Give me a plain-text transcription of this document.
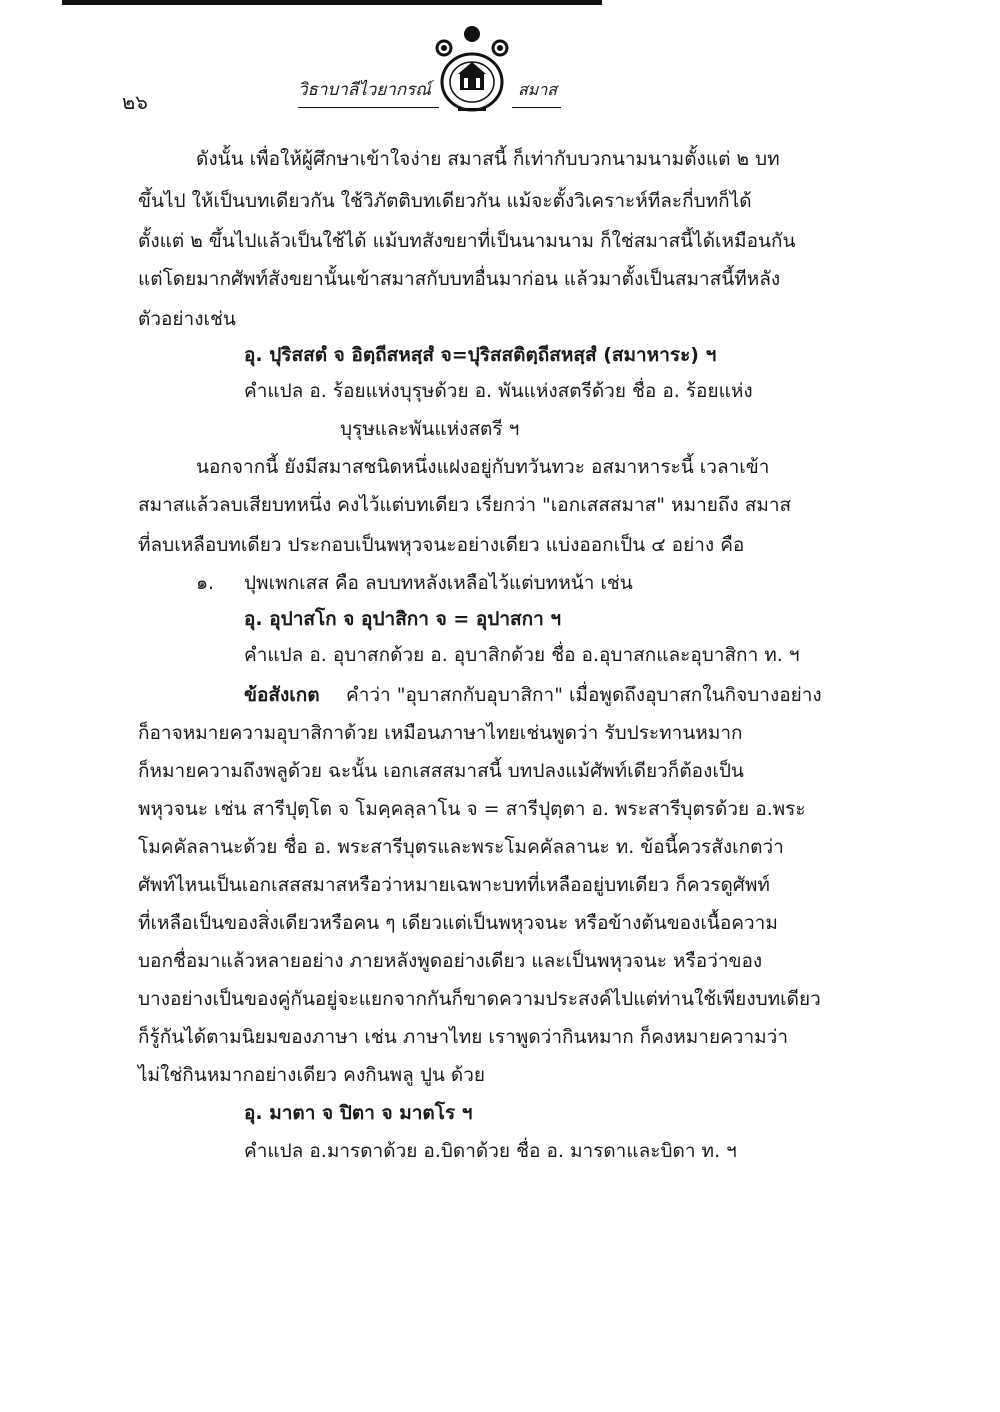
๒๖	วิธาบาลีไวยากรณ์	สมาส
ดังนั้น เพื่อให้ผู้ศึกษาเข้าใจง่าย สมาสนี้ ก็เท่ากับบวกนามนามตั้งแต่ ๒ บท
ขึ้นไป ให้เป็นบทเดียวกัน ใช้วิภัตติบทเดียวกัน แม้จะตั้งวิเคราะห์ทีละกี่บทก็ได้
ตั้งแต่ ๒ ขึ้นไปแล้วเป็นใช้ได้ แม้บทสังขยาที่เป็นนามนาม ก็ใช่สมาสนี้ได้เหมือนกัน
แต่โดยมากศัพท์สังขยานั้นเข้าสมาสกับบทอื่นมาก่อน แล้วมาตั้งเป็นสมาสนี้ทีหลัง
ตัวอย่างเช่น
อุ. ปุริสสตํ จ อิตฺถีสหสฺสํ จ=ปุริสสติตฺถีสหสฺสํ (สมาหาระ) ฯ
คำแปล อ. ร้อยแห่งบุรุษด้วย อ. พันแห่งสตรีด้วย ชื่อ อ. ร้อยแห่ง
บุรุษและพันแห่งสตรี ฯ
นอกจากนี้ ยังมีสมาสชนิดหนึ่งแฝงอยู่กับทวันทวะ อสมาหาระนี้ เวลาเข้า
สมาสแล้วลบเสียบทหนึ่ง คงไว้แต่บทเดียว เรียกว่า "เอกเสสสมาส" หมายถึง สมาส
ที่ลบเหลือบทเดียว ประกอบเป็นพหุวจนะอย่างเดียว แบ่งออกเป็น ๔ อย่าง คือ
๑. ปุพเพกเสส คือ ลบบทหลังเหลือไว้แต่บทหน้า เช่น
อุ. อุปาสโก จ อุปาสิกา จ = อุปาสกา ฯ
คำแปล อ. อุบาสกด้วย อ. อุบาสิกด้วย ชื่อ อ.อุบาสกและอุบาสิกา ท. ฯ
ข้อสังเกต คำว่า "อุบาสกกับอุบาสิกา" เมื่อพูดถึงอุบาสกในกิจบางอย่าง
ก็อาจหมายความอุบาสิกาด้วย เหมือนภาษาไทยเช่นพูดว่า รับประทานหมาก
ก็หมายความถึงพลูด้วย ฉะนั้น เอกเสสสมาสนี้ บทปลงแม้ศัพท์เดียวก็ต้องเป็น
พหุวจนะ เช่น สารีปุตฺโต จ โมคฺคลฺลาโน จ = สารีปุตฺตา อ. พระสารีบุตรด้วย อ.พระ
โมคคัลลานะด้วย ชื่อ อ. พระสารีบุตรและพระโมคคัลลานะ ท. ข้อนี้ควรสังเกตว่า
ศัพท์ไหนเป็นเอกเสสสมาสหรือว่าหมายเฉพาะบทที่เหลืออยู่บทเดียว ก็ควรดูศัพท์
ที่เหลือเป็นของสิ่งเดียวหรือคน ๆ เดียวแต่เป็นพหุวจนะ หรือข้างต้นของเนื้อความ
บอกชื่อมาแล้วหลายอย่าง ภายหลังพูดอย่างเดียว และเป็นพหุวจนะ หรือว่าของ
บางอย่างเป็นของคู่กันอยู่จะแยกจากกันก็ขาดความประสงค์ไปแต่ท่านใช้เพียงบทเดียว
ก็รู้กันได้ตามนิยมของภาษา เช่น ภาษาไทย เราพูดว่ากินหมาก ก็คงหมายความว่า
ไม่ใช่กินหมากอย่างเดียว คงกินพลู ปูน ด้วย
อุ. มาตา จ ปิตา จ มาตโร ฯ
คำแปล อ.มารดาด้วย อ.บิดาด้วย ชื่อ อ. มารดาและบิดา ท. ฯ
